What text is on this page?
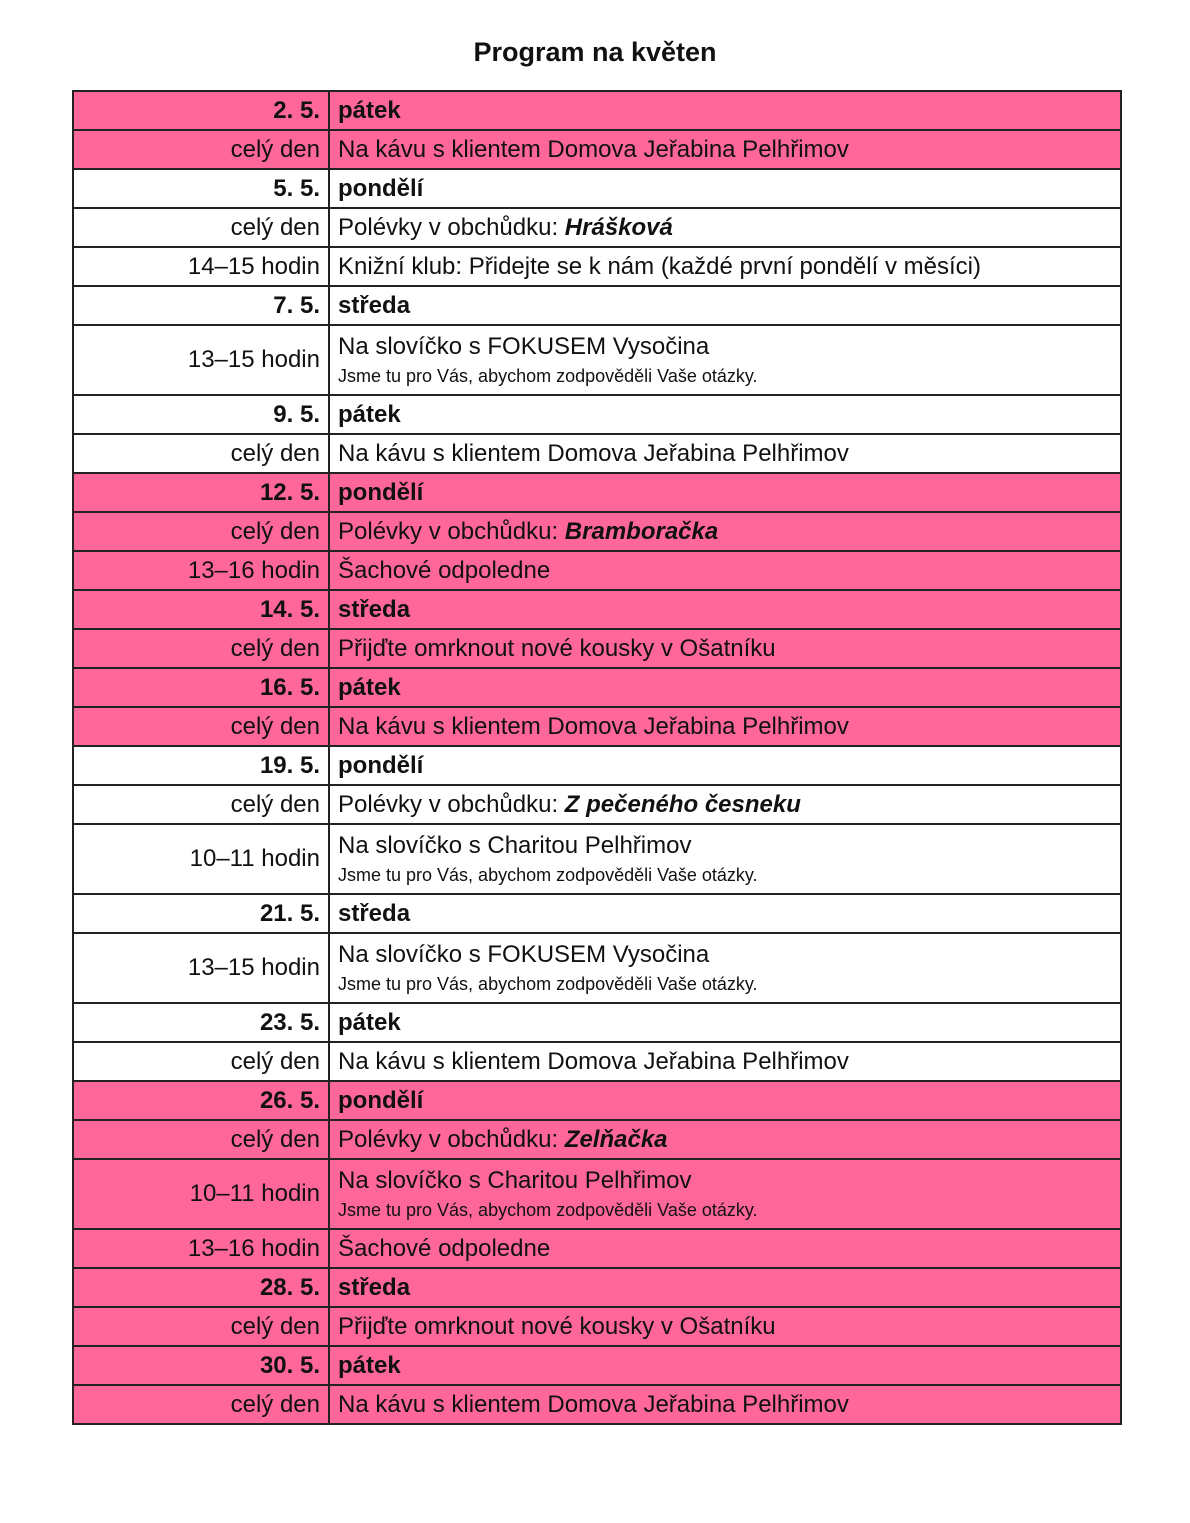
Program na květen
2. 5.	pátek
celý den	Na kávu s klientem Domova Jeřabina Pelhřimov
5. 5.	pondělí
celý den	Polévky v obchůdku: Hrášková
14–15 hodin	Knižní klub: Přidejte se k nám (každé první pondělí v měsíci)
7. 5.	středa
13–15 hodin	Na slovíčko s FOKUSEM Vysočina
Jsme tu pro Vás, abychom zodpověděli Vaše otázky.

9. 5.	pátek
celý den	Na kávu s klientem Domova Jeřabina Pelhřimov
12. 5.	pondělí
celý den	Polévky v obchůdku: Bramboračka
13–16 hodin	Šachové odpoledne
14. 5.	středa
celý den	Přijďte omrknout nové kousky v Ošatníku
16. 5.	pátek
celý den	Na kávu s klientem Domova Jeřabina Pelhřimov
19. 5.	pondělí
celý den	Polévky v obchůdku: Z pečeného česneku
10–11 hodin	Na slovíčko s Charitou Pelhřimov
Jsme tu pro Vás, abychom zodpověděli Vaše otázky.

21. 5.	středa
13–15 hodin	Na slovíčko s FOKUSEM Vysočina
Jsme tu pro Vás, abychom zodpověděli Vaše otázky.

23. 5.	pátek
celý den	Na kávu s klientem Domova Jeřabina Pelhřimov
26. 5.	pondělí
celý den	Polévky v obchůdku: Zelňačka
10–11 hodin	Na slovíčko s Charitou Pelhřimov
Jsme tu pro Vás, abychom zodpověděli Vaše otázky.

13–16 hodin	Šachové odpoledne
28. 5.	středa
celý den	Přijďte omrknout nové kousky v Ošatníku
30. 5.	pátek
celý den	Na kávu s klientem Domova Jeřabina Pelhřimov
